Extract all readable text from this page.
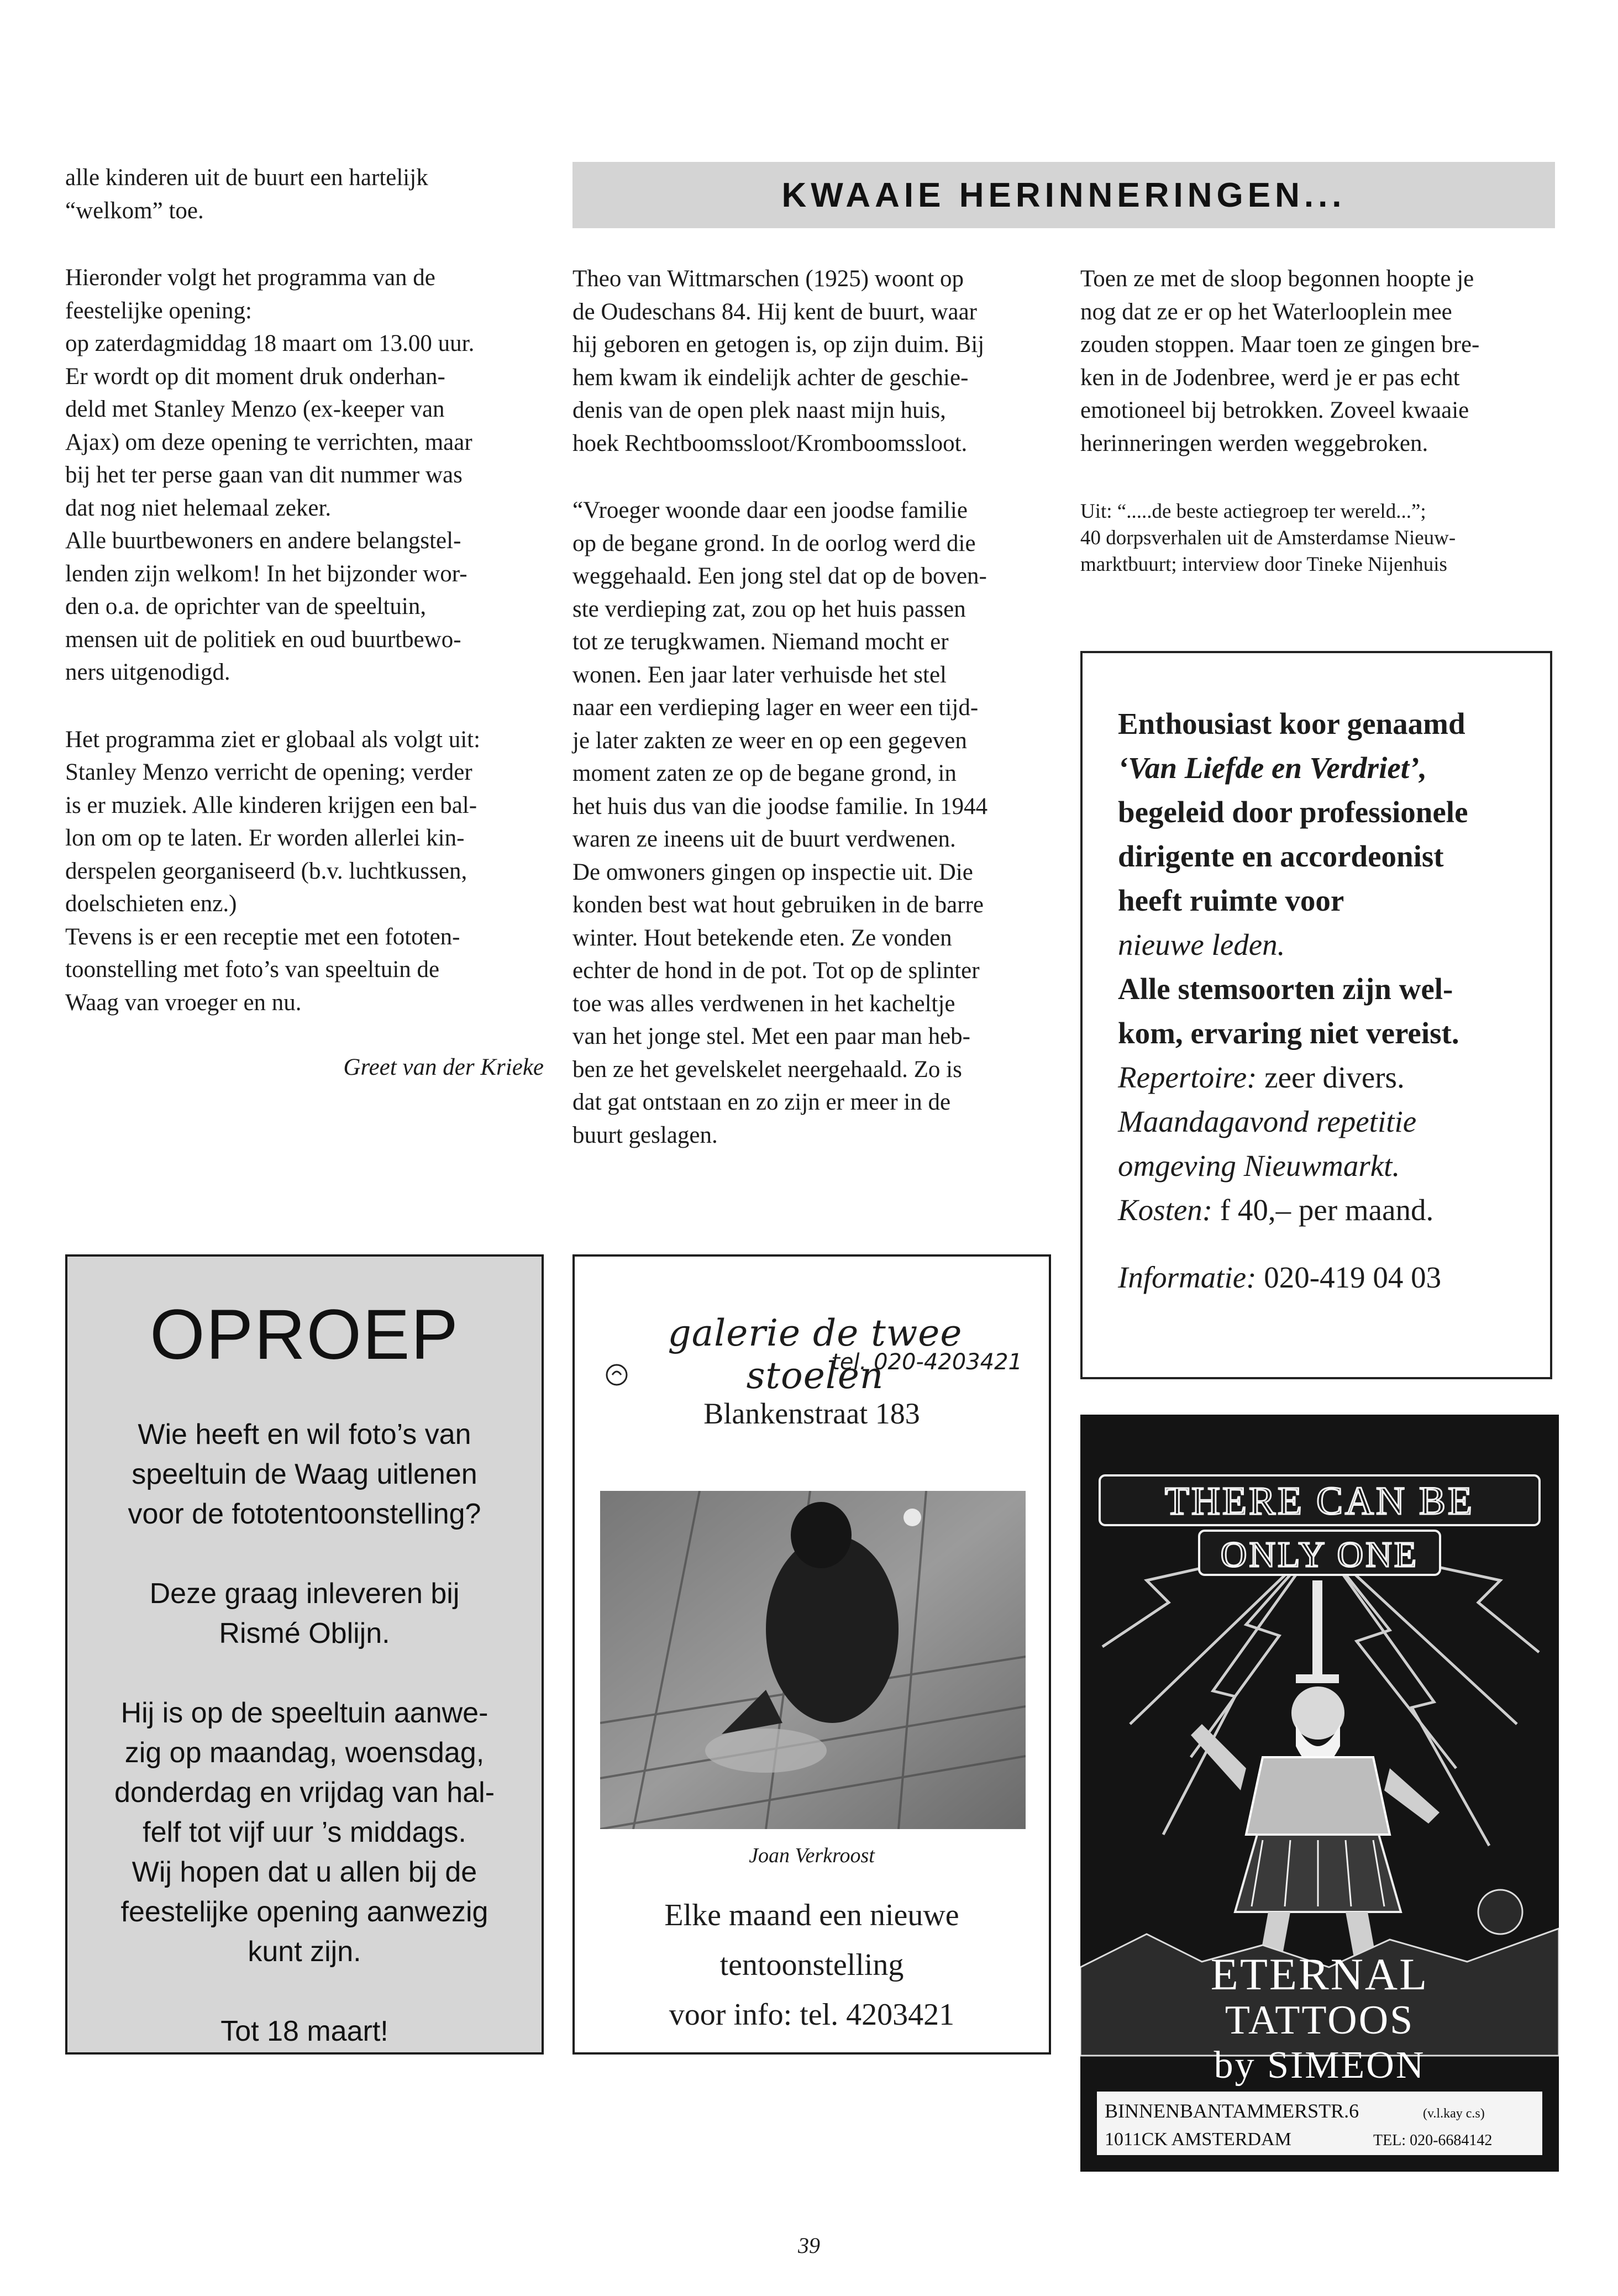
alle kinderen uit de buurt een hartelijk
“welkom” toe.

Hieronder volgt het programma van de
feestelijke opening:
op zaterdagmiddag 18 maart om 13.00 uur.
Er wordt op dit moment druk onderhan-
deld met Stanley Menzo (ex-keeper van
Ajax) om deze opening te verrichten, maar
bij het ter perse gaan van dit nummer was
dat nog niet helemaal zeker.
Alle buurtbewoners en andere belangstel-
lenden zijn welkom! In het bijzonder wor-
den o.a. de oprichter van de speeltuin,
mensen uit de politiek en oud buurtbewo-
ners uitgenodigd.

Het programma ziet er globaal als volgt uit:
Stanley Menzo verricht de opening; verder
is er muziek. Alle kinderen krijgen een bal-
lon om op te laten. Er worden allerlei kin-
derspelen georganiseerd (b.v. luchtkussen,
doelschieten enz.)
Tevens is er een receptie met een fototen-
toonstelling met foto’s van speeltuin de
Waag van vroeger en nu.

Greet van der Krieke

KWAAIE HERINNERINGEN...

Theo van Wittmarschen (1925) woont op
de Oudeschans 84. Hij kent de buurt, waar
hij geboren en getogen is, op zijn duim. Bij
hem kwam ik eindelijk achter de geschie-
denis van de open plek naast mijn huis,
hoek Rechtboomssloot/Kromboomssloot.

“Vroeger woonde daar een joodse familie
op de begane grond. In de oorlog werd die
weggehaald. Een jong stel dat op de boven-
ste verdieping zat, zou op het huis passen
tot ze terugkwamen. Niemand mocht er
wonen. Een jaar later verhuisde het stel
naar een verdieping lager en weer een tijd-
je later zakten ze weer en op een gegeven
moment zaten ze op de begane grond, in
het huis dus van die joodse familie. In 1944
waren ze ineens uit de buurt verdwenen.
De omwoners gingen op inspectie uit. Die
konden best wat hout gebruiken in de barre
winter. Hout betekende eten. Ze vonden
echter de hond in de pot. Tot op de splinter
toe was alles verdwenen in het kacheltje
van het jonge stel. Met een paar man heb-
ben ze het gevelskelet neergehaald. Zo is
dat gat ontstaan en zo zijn er meer in de
buurt geslagen.

Toen ze met de sloop begonnen hoopte je
nog dat ze er op het Waterlooplein mee
zouden stoppen. Maar toen ze gingen bre-
ken in de Jodenbree, werd je er pas echt
emotioneel bij betrokken. Zoveel kwaaie
herinneringen werden weggebroken.

Uit: “.....de beste actiegroep ter wereld...”;
40 dorpsverhalen uit de Amsterdamse Nieuw-
marktbuurt; interview door Tineke Nijenhuis

Enthousiast koor genaamd
‘Van Liefde en Verdriet’,
begeleid door professionele
dirigente en accordeonist
heeft ruimte voor
nieuwe leden.
Alle stemsoorten zijn wel-
kom, ervaring niet vereist.
Repertoire: zeer divers.
Maandagavond repetitie
omgeving Nieuwmarkt.
Kosten: f 40,– per maand.
Informatie: 020-419 04 03
OPROEP

Wie heeft en wil foto’s van
speeltuin de Waag uitlenen
voor de fototentoonstelling?

Deze graag inleveren bij
Rismé Oblijn.

Hij is op de speeltuin aanwe-
zig op maandag, woensdag,
donderdag en vrijdag van hal-
felf tot vijf uur ’s middags.
Wij hopen dat u allen bij de
feestelijke opening aanwezig
kunt zijn.

Tot 18 maart!

galerie de twee stoelen
tel. 020-4203421
Blankenstraat 183
Joan Verkroost
Elke maand een nieuwe
tentoonstelling
voor info: tel. 4203421
THERE CAN BE
ONLY ONE
ETERNAL
TATTOOS
by SIMEON
BINNENBANTAMMERSTR.6	(v.l.kay c.s)
1011CK AMSTERDAM	TEL: 020-6684142
39
